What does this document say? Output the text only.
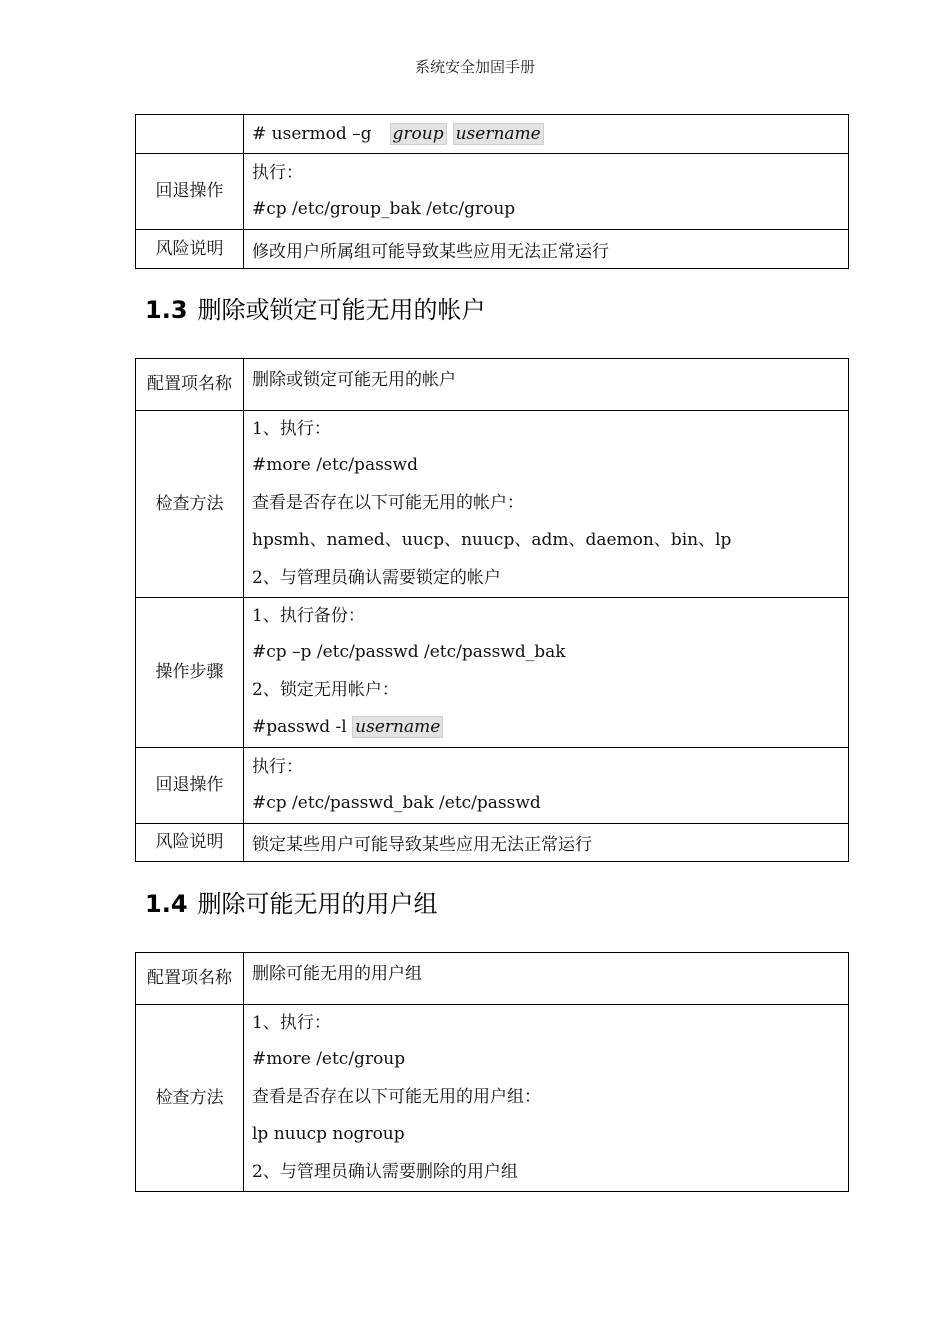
系统安全加固手册
	# usermod –g group username
回退操作	执行：
#cp /etc/group_bak /etc/group

风险说明	修改用户所属组可能导致某些应用无法正常运行
1.3 删除或锁定可能无用的帐户
配置项名称	删除或锁定可能无用的帐户
检查方法	1、执行：
#more /etc/passwd
查看是否存在以下可能无用的帐户：
hpsmh、named、uucp、nuucp、adm、daemon、bin、lp
2、与管理员确认需要锁定的帐户

操作步骤	1、执行备份：
#cp –p /etc/passwd /etc/passwd_bak
2、锁定无用帐户：
#passwd -l username

回退操作	执行：
#cp /etc/passwd_bak /etc/passwd

风险说明	锁定某些用户可能导致某些应用无法正常运行
1.4 删除可能无用的用户组
配置项名称	删除可能无用的用户组
检查方法	1、执行：
#more /etc/group
查看是否存在以下可能无用的用户组：
lp nuucp nogroup
2、与管理员确认需要删除的用户组
